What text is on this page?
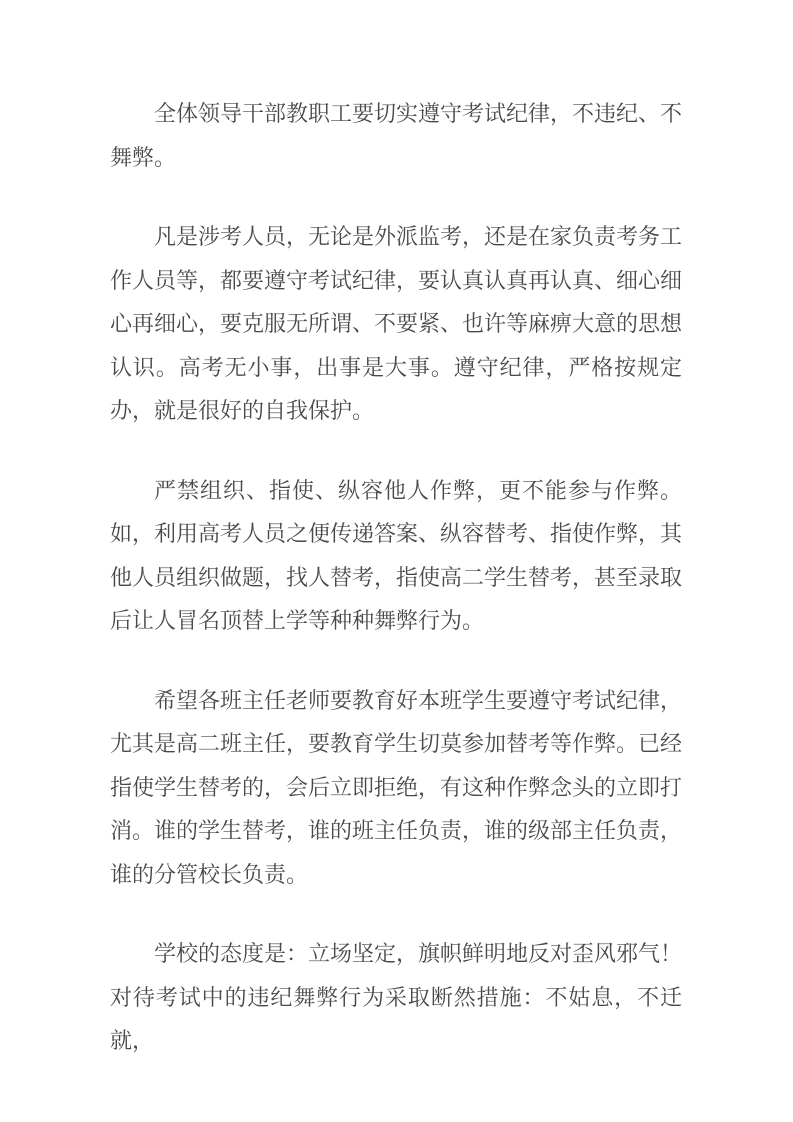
全体领导干部教职工要切实遵守考试纪律，不违纪、不舞弊。

凡是涉考人员，无论是外派监考，还是在家负责考务工作人员等，都要遵守考试纪律，要认真认真再认真、细心细心再细心，要克服无所谓、不要紧、也许等麻痹大意的思想认识。高考无小事，出事是大事。遵守纪律，严格按规定办，就是很好的自我保护。

严禁组织、指使、纵容他人作弊，更不能参与作弊。如，利用高考人员之便传递答案、纵容替考、指使作弊，其他人员组织做题，找人替考，指使高二学生替考，甚至录取后让人冒名顶替上学等种种舞弊行为。

希望各班主任老师要教育好本班学生要遵守考试纪律，尤其是高二班主任，要教育学生切莫参加替考等作弊。已经指使学生替考的，会后立即拒绝，有这种作弊念头的立即打消。谁的学生替考，谁的班主任负责，谁的级部主任负责，谁的分管校长负责。

学校的态度是：立场坚定，旗帜鲜明地反对歪风邪气！对待考试中的违纪舞弊行为采取断然措施：不姑息，不迁就，
